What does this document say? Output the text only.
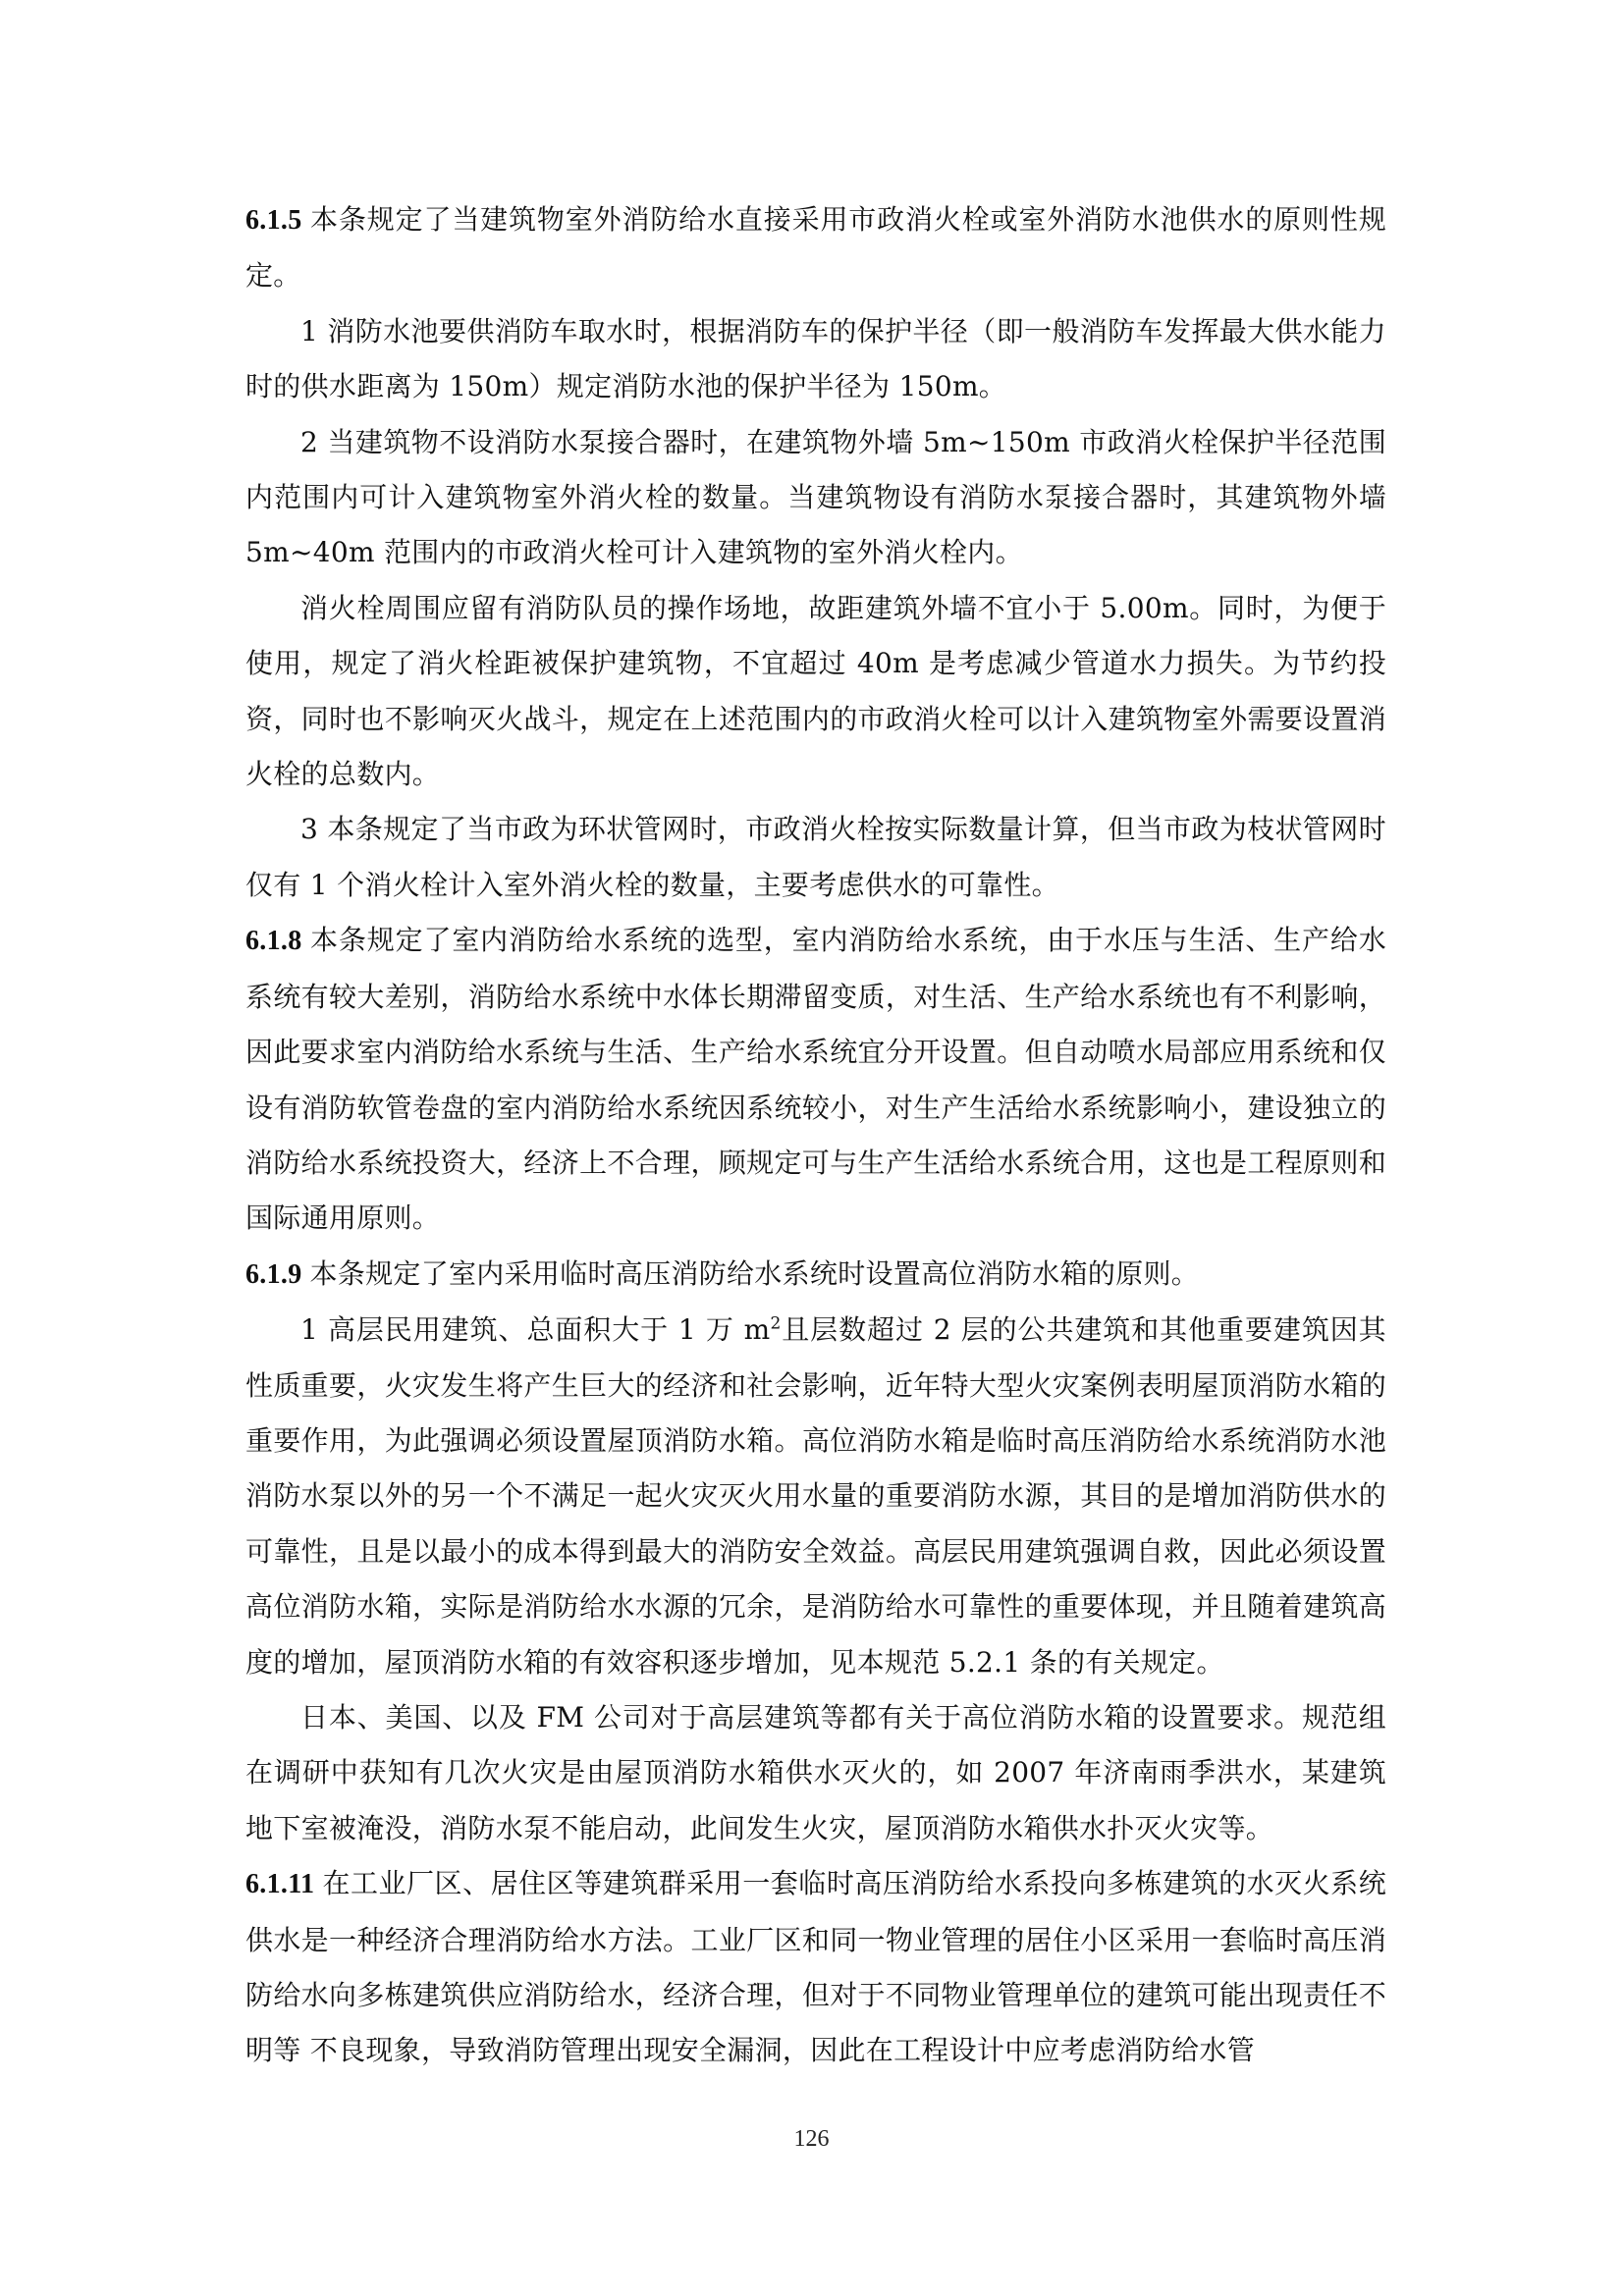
6.1.5 本条规定了当建筑物室外消防给水直接采用市政消火栓或室外消防水池供水的原则性规定。

1 消防水池要供消防车取水时，根据消防车的保护半径（即一般消防车发挥最大供水能力时的供水距离为 150m）规定消防水池的保护半径为 150m。

2 当建筑物不设消防水泵接合器时，在建筑物外墙 5m~150m 市政消火栓保护半径范围内范围内可计入建筑物室外消火栓的数量。当建筑物设有消防水泵接合器时，其建筑物外墙 5m~40m 范围内的市政消火栓可计入建筑物的室外消火栓内。

消火栓周围应留有消防队员的操作场地，故距建筑外墙不宜小于 5.00m。同时，为便于使用，规定了消火栓距被保护建筑物，不宜超过 40m 是考虑减少管道水力损失。为节约投资，同时也不影响灭火战斗，规定在上述范围内的市政消火栓可以计入建筑物室外需要设置消火栓的总数内。

3 本条规定了当市政为环状管网时，市政消火栓按实际数量计算，但当市政为枝状管网时仅有 1 个消火栓计入室外消火栓的数量，主要考虑供水的可靠性。

6.1.8 本条规定了室内消防给水系统的选型，室内消防给水系统，由于水压与生活、生产给水系统有较大差别，消防给水系统中水体长期滞留变质，对生活、生产给水系统也有不利影响，因此要求室内消防给水系统与生活、生产给水系统宜分开设置。但自动喷水局部应用系统和仅设有消防软管卷盘的室内消防给水系统因系统较小，对生产生活给水系统影响小，建设独立的消防给水系统投资大，经济上不合理，顾规定可与生产生活给水系统合用，这也是工程原则和国际通用原则。

6.1.9 本条规定了室内采用临时高压消防给水系统时设置高位消防水箱的原则。

1 高层民用建筑、总面积大于 1 万 $m^2$且层数超过 2 层的公共建筑和其他重要建筑因其性质重要，火灾发生将产生巨大的经济和社会影响，近年特大型火灾案例表明屋顶消防水箱的重要作用，为此强调必须设置屋顶消防水箱。高位消防水箱是临时高压消防给水系统消防水池消防水泵以外的另一个不满足一起火灾灭火用水量的重要消防水源，其目的是增加消防供水的可靠性，且是以最小的成本得到最大的消防安全效益。高层民用建筑强调自救，因此必须设置高位消防水箱，实际是消防给水水源的冗余，是消防给水可靠性的重要体现，并且随着建筑高度的增加，屋顶消防水箱的有效容积逐步增加，见本规范 5.2.1 条的有关规定。

日本、美国、以及 FM 公司对于高层建筑等都有关于高位消防水箱的设置要求。规范组在调研中获知有几次火灾是由屋顶消防水箱供水灭火的，如 2007 年济南雨季洪水，某建筑地下室被淹没，消防水泵不能启动，此间发生火灾，屋顶消防水箱供水扑灭火灾等。

6.1.11 在工业厂区、居住区等建筑群采用一套临时高压消防给水系投向多栋建筑的水灭火系统供水是一种经济合理消防给水方法。工业厂区和同一物业管理的居住小区采用一套临时高压消防给水向多栋建筑供应消防给水，经济合理，但对于不同物业管理单位的建筑可能出现责任不明等 不良现象，导致消防管理出现安全漏洞，因此在工程设计中应考虑消防给水管

126
